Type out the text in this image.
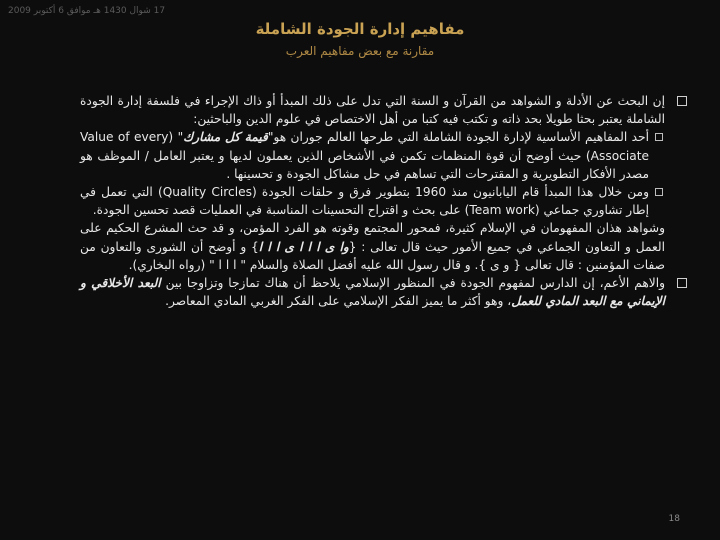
17 شوال 1430 هـ موافق 6 أكتوبر 2009
مفاهيم إدارة الجودة الشاملة
مقارنة مع بعض مفاهيم العرب
إن البحث عن الأدلة و الشواهد من القرآن و السنة التي تدل على ذلك المبدأ أو ذاك الإجراء في فلسفة إدارة الجودة الشاملة يعتبر بحثا طويلا بحد ذاته و تكتب فيه كتبا من أهل الاختصاص في علوم الدين والباحثين:
أحد المفاهيم الأساسية لإدارة الجودة الشاملة التي طرحها العالم جوران هو"قيمة كل مشارك" (Value of every Associate) حيث أوضح أن قوة المنظمات تكمن في الأشخاص الذين يعملون لديها و يعتبر العامل / الموظف هو مصدر الأفكار التطويرية و المقترحات التي تساهم في حل مشاكل الجودة و تحسينها .
ومن خلال هذا المبدأ قام اليابانيون منذ 1960 بتطوير فرق و حلقات الجودة (Quality Circles) التي تعمل في إطار تشاوري جماعي (Team work) على بحث و اقتراح التحسينات المناسبة في العمليات قصد تحسين الجودة.
وشواهد هذان المفهومان في الإسلام كثيرة، فمحور المجتمع وقوته هو الفرد المؤمن، و قد حث المشرع الحكيم على العمل و التعاون الجماعي في جميع الأمور حيث قال تعالى : {وا ى ا ا ا ى ا ا ا} و أوضح أن الشورى والتعاون من صفات المؤمنين : قال تعالى { و ى }. و قال رسول الله عليه أفضل الصلاة والسلام " ا ا ا " (رواه البخاري).
والاهم الأعم، إن الدارس لمفهوم الجودة في المنظور الإسلامي يلاحظ أن هناك تمازجا وتزاوجا بين البعد الأخلاقي و الإيماني مع البعد المادي للعمل، وهو أكثر ما يميز الفكر الإسلامي على الفكر الغربي المادي المعاصر.
18
